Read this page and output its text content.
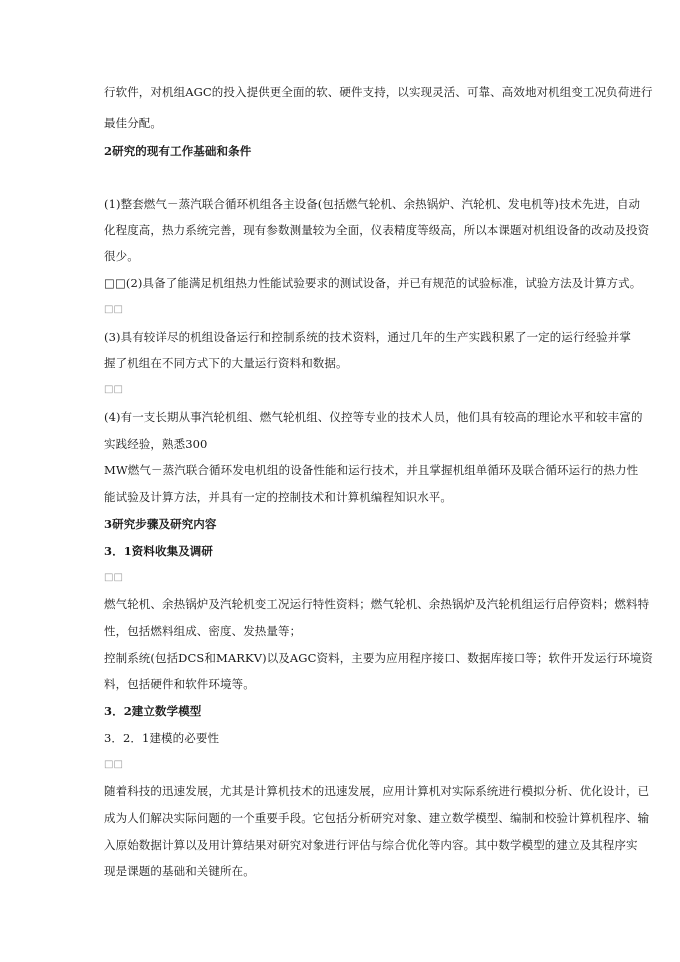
行软件，对机组AGC的投入提供更全面的软、硬件支持，以实现灵活、可靠、高效地对机组变工况负荷进行
最佳分配。
2研究的现有工作基础和条件
(1)整套燃气－蒸汽联合循环机组各主设备(包括燃气轮机、余热锅炉、汽轮机、发电机等)技术先进，自动
化程度高，热力系统完善，现有参数测量较为全面，仪表精度等级高，所以本课题对机组设备的改动及投资
很少。
□□(2)具备了能满足机组热力性能试验要求的测试设备，并已有规范的试验标准，试验方法及计算方式。
□□
(3)具有较详尽的机组设备运行和控制系统的技术资料，通过几年的生产实践积累了一定的运行经验并掌
握了机组在不同方式下的大量运行资料和数据。
□□
(4)有一支长期从事汽轮机组、燃气轮机组、仪控等专业的技术人员，他们具有较高的理论水平和较丰富的
实践经验，熟悉300
MW燃气－蒸汽联合循环发电机组的设备性能和运行技术，并且掌握机组单循环及联合循环运行的热力性
能试验及计算方法，并具有一定的控制技术和计算机编程知识水平。
3研究步骤及研究内容
3．1资料收集及调研
□□
燃气轮机、余热锅炉及汽轮机变工况运行特性资料；燃气轮机、余热锅炉及汽轮机组运行启停资料；燃料特
性，包括燃料组成、密度、发热量等；
控制系统(包括DCS和MARKV)以及AGC资料，主要为应用程序接口、数据库接口等；软件开发运行环境资
料，包括硬件和软件环境等。
3．2建立数学模型
3．2．1建模的必要性
□□
随着科技的迅速发展，尤其是计算机技术的迅速发展，应用计算机对实际系统进行模拟分析、优化设计，已
成为人们解决实际问题的一个重要手段。它包括分析研究对象、建立数学模型、编制和校验计算机程序、输
入原始数据计算以及用计算结果对研究对象进行评估与综合优化等内容。其中数学模型的建立及其程序实
现是课题的基础和关键所在。
